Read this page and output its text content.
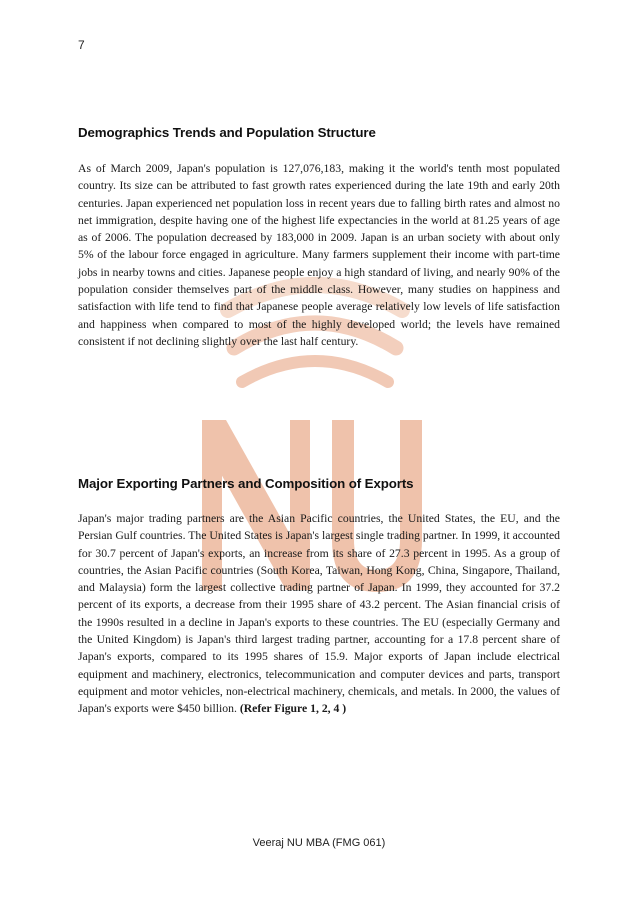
7
Demographics Trends and Population Structure

As of March 2009, Japan's population is 127,076,183, making it the world's tenth most populated country. Its size can be attributed to fast growth rates experienced during the late 19th and early 20th centuries. Japan experienced net population loss in recent years due to falling birth rates and almost no net immigration, despite having one of the highest life expectancies in the world at 81.25 years of age as of 2006. The population decreased by 183,000 in 2009. Japan is an urban society with about only 5% of the labour force engaged in agriculture. Many farmers supplement their income with part-time jobs in nearby towns and cities. Japanese people enjoy a high standard of living, and nearly 90% of the population consider themselves part of the middle class. However, many studies on happiness and satisfaction with life tend to find that Japanese people average relatively low levels of life satisfaction and happiness when compared to most of the highly developed world; the levels have remained consistent if not declining slightly over the last half century.

Major Exporting Partners and Composition of Exports

Japan's major trading partners are the Asian Pacific countries, the United States, the EU, and the Persian Gulf countries. The United States is Japan's largest single trading partner. In 1999, it accounted for 30.7 percent of Japan's exports, an increase from its share of 27.3 percent in 1995. As a group of countries, the Asian Pacific countries (South Korea, Taiwan, Hong Kong, China, Singapore, Thailand, and Malaysia) form the largest collective trading partner of Japan. In 1999, they accounted for 37.2 percent of its exports, a decrease from their 1995 share of 43.2 percent. The Asian financial crisis of the 1990s resulted in a decline in Japan's exports to these countries. The EU (especially Germany and the United Kingdom) is Japan's third largest trading partner, accounting for a 17.8 percent share of Japan's exports, compared to its 1995 shares of 15.9. Major exports of Japan include electrical equipment and machinery, electronics, telecommunication and computer devices and parts, transport equipment and motor vehicles, non-electrical machinery, chemicals, and metals. In 2000, the values of Japan's exports were $450 billion. (Refer Figure 1, 2, 4 )

Veeraj NU MBA (FMG 061)
